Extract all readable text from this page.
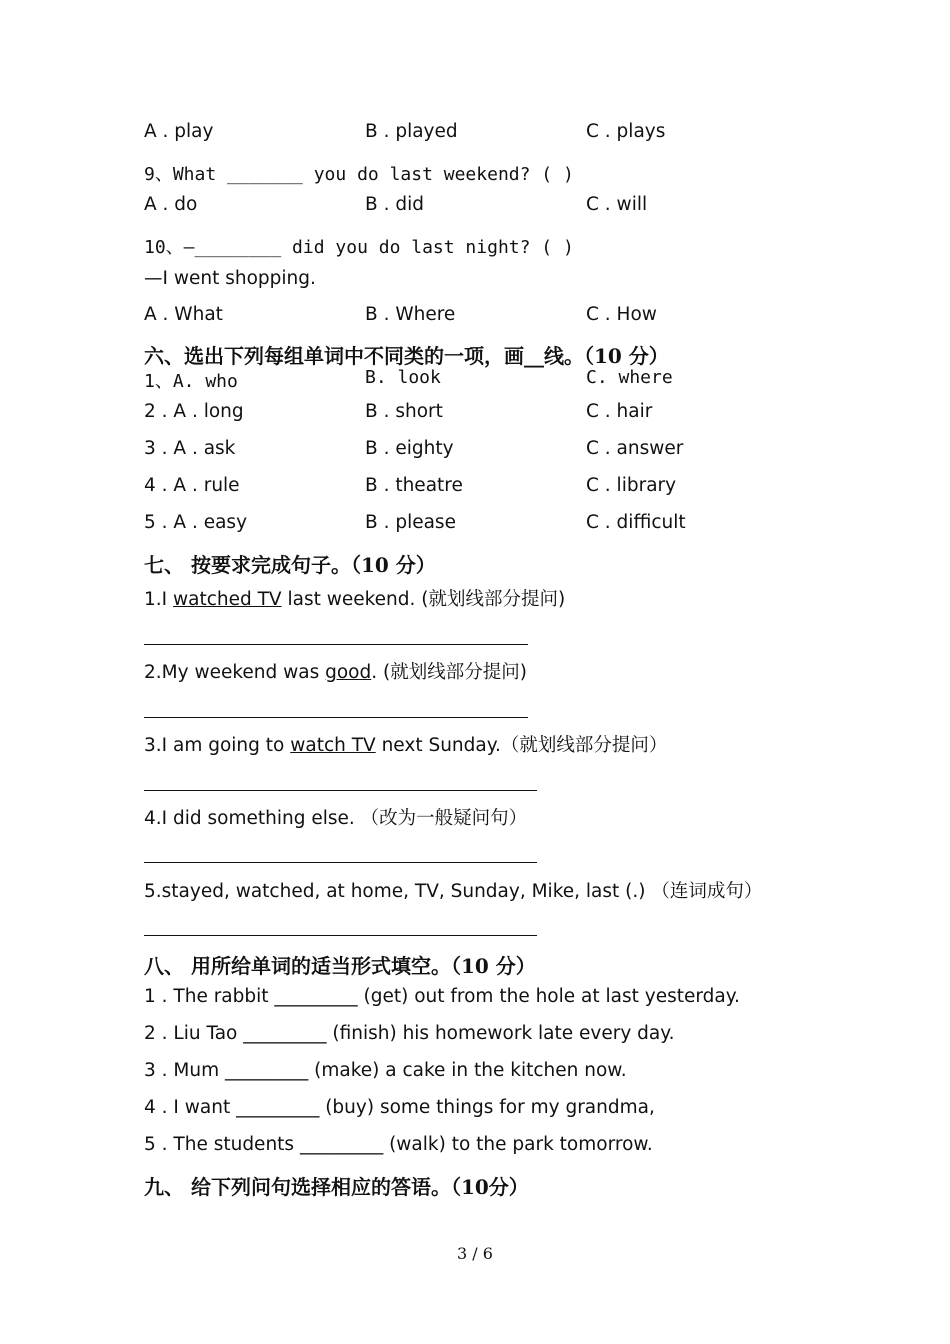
A . play	B . played	C . plays
9、What _______ you do last weekend? ( )
A . do	B . did	C . will
10、—________ did you do last night? ( )
—I went shopping.
A . What	B . Where	C . How
六、选出下列每组单词中不同类的一项，画__线。（10 分）
1、A. who	B. look	C. where
2 . A . long	B . short	C . hair
3 . A . ask	B . eighty	C . answer
4 . A . rule	B . theatre	C . library
5 . A . easy	B . please	C . difficult
七、 按要求完成句子。（10 分）
1.I watched TV last weekend. (就划线部分提问)
2.My weekend was good. (就划线部分提问)
3.I am going to watch TV next Sunday.（就划线部分提问）
4.I did something else. （改为一般疑问句）
5.stayed, watched, at home, TV, Sunday, Mike, last (.) （连词成句）
八、 用所给单词的适当形式填空。（10 分）
1 . The rabbit _________ (get) out from the hole at last yesterday.
2 . Liu Tao _________ (finish) his homework late every day.
3 . Mum _________ (make) a cake in the kitchen now.
4 . I want _________ (buy) some things for my grandma,
5 . The students _________ (walk) to the park tomorrow.
九、 给下列问句选择相应的答语。（10分）
3 / 6
